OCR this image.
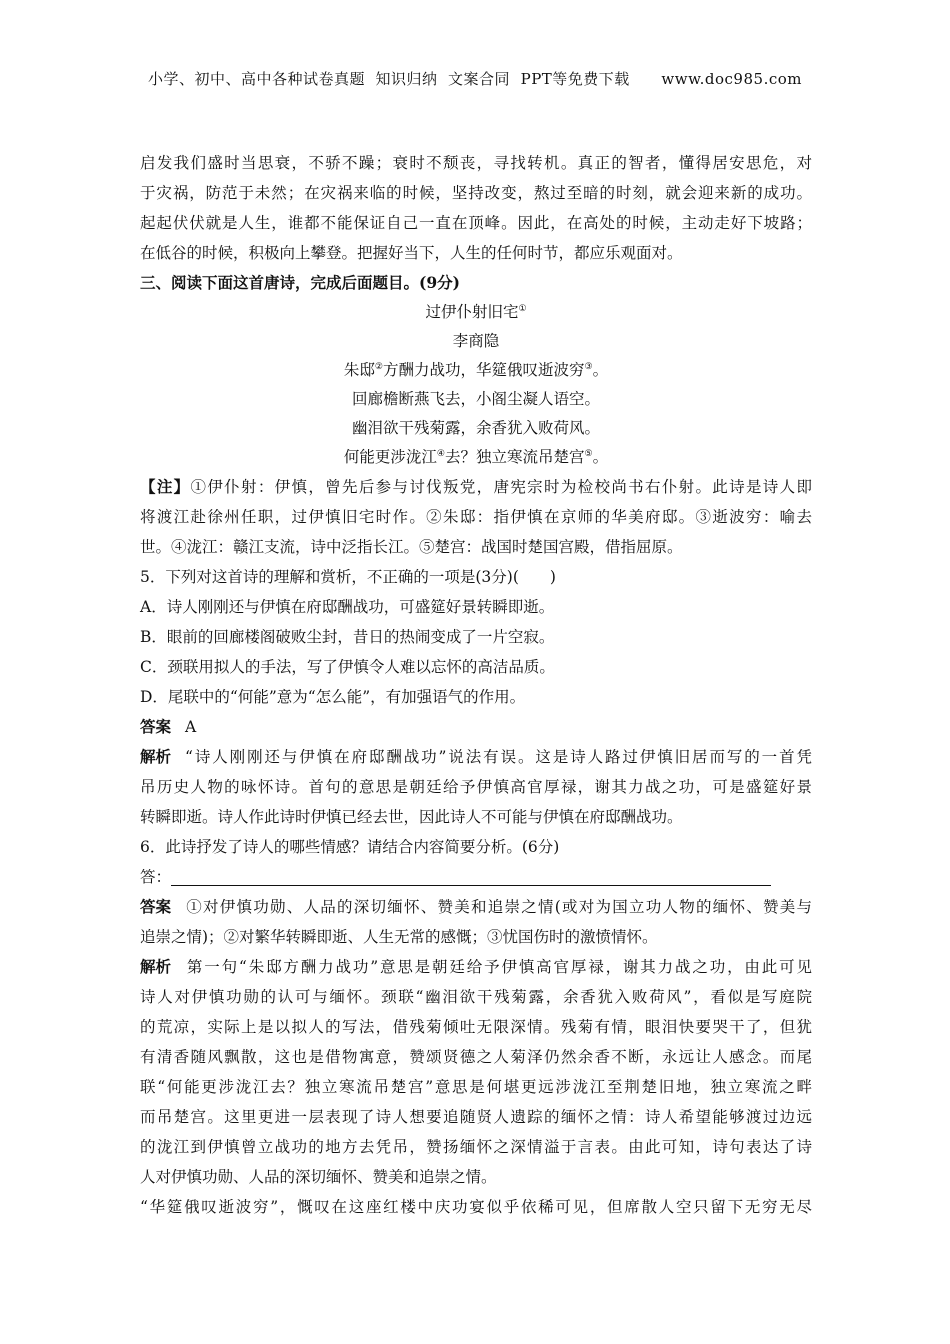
小学、初中、高中各种试卷真题  知识归纳  文案合同  PPT等免费下载      www.doc985.com
启发我们盛时当思衰，不骄不躁；衰时不颓丧，寻找转机。真正的智者，懂得居安思危，对
于灾祸，防范于未然；在灾祸来临的时候，坚持改变，熬过至暗的时刻，就会迎来新的成功。
起起伏伏就是人生，谁都不能保证自己一直在顶峰。因此，在高处的时候，主动走好下坡路；
在低谷的时候，积极向上攀登。把握好当下，人生的任何时节，都应乐观面对。
三、阅读下面这首唐诗，完成后面题目。(9分)
过伊仆射旧宅①
李商隐
朱邸②方酬力战功，华筵俄叹逝波穷③。
回廊檐断燕飞去，小阁尘凝人语空。
幽泪欲干残菊露，余香犹入败荷风。
何能更涉泷江④去？独立寒流吊楚宫⑤。
【注】①伊仆射：伊慎，曾先后参与讨伐叛党，唐宪宗时为检校尚书右仆射。此诗是诗人即
将渡江赴徐州任职，过伊慎旧宅时作。②朱邸：指伊慎在京师的华美府邸。③逝波穷：喻去
世。④泷江：赣江支流，诗中泛指长江。⑤楚宫：战国时楚国宫殿，借指屈原。
5．下列对这首诗的理解和赏析，不正确的一项是(3分)(　　)
A．诗人刚刚还与伊慎在府邸酬战功，可盛筵好景转瞬即逝。
B．眼前的回廊楼阁破败尘封，昔日的热闹变成了一片空寂。
C．颈联用拟人的手法，写了伊慎令人难以忘怀的高洁品质。
D．尾联中的“何能”意为“怎么能”，有加强语气的作用。
答案 A
解析 “诗人刚刚还与伊慎在府邸酬战功”说法有误。这是诗人路过伊慎旧居而写的一首凭
吊历史人物的咏怀诗。首句的意思是朝廷给予伊慎高官厚禄，谢其力战之功，可是盛筵好景
转瞬即逝。诗人作此诗时伊慎已经去世，因此诗人不可能与伊慎在府邸酬战功。
6．此诗抒发了诗人的哪些情感？请结合内容简要分析。(6分)
答：
答案 ①对伊慎功勋、人品的深切缅怀、赞美和追崇之情(或对为国立功人物的缅怀、赞美与
追崇之情)；②对繁华转瞬即逝、人生无常的感慨；③忧国伤时的激愤情怀。
解析 第一句“朱邸方酬力战功”意思是朝廷给予伊慎高官厚禄，谢其力战之功，由此可见
诗人对伊慎功勋的认可与缅怀。颈联“幽泪欲干残菊露，余香犹入败荷风”，看似是写庭院
的荒凉，实际上是以拟人的写法，借残菊倾吐无限深情。残菊有情，眼泪快要哭干了，但犹
有清香随风飘散，这也是借物寓意，赞颂贤德之人菊泽仍然余香不断，永远让人感念。而尾
联“何能更涉泷江去？独立寒流吊楚宫”意思是何堪更远涉泷江至荆楚旧地，独立寒流之畔
而吊楚宫。这里更进一层表现了诗人想要追随贤人遗踪的缅怀之情：诗人希望能够渡过边远
的泷江到伊慎曾立战功的地方去凭吊，赞扬缅怀之深情溢于言表。由此可知，诗句表达了诗
人对伊慎功勋、人品的深切缅怀、赞美和追崇之情。
“华筵俄叹逝波穷”，慨叹在这座红楼中庆功宴似乎依稀可见，但席散人空只留下无穷无尽
